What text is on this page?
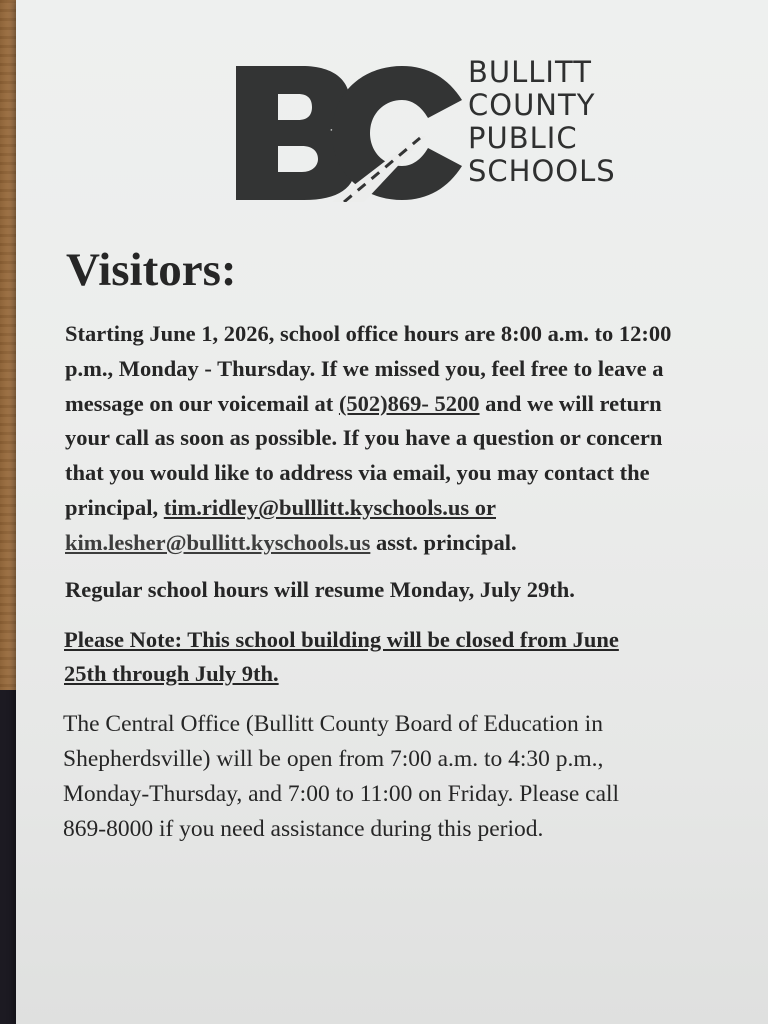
BULLITT
COUNTY
PUBLIC
SCHOOLS
Visitors:
Starting June 1, 2026, school office hours are 8:00 a.m. to 12:00
p.m., Monday - Thursday. If we missed you, feel free to leave a
message on our voicemail at (502)869- 5200 and we will return
your call as soon as possible. If you have a question or concern
that you would like to address via email, you may contact the
principal, tim.ridley@bulllitt.kyschools.us or
kim.lesher@bullitt.kyschools.us asst. principal.
Regular school hours will resume Monday, July 29th.
Please Note: This school building will be closed from June
25th through July 9th.
The Central Office (Bullitt County Board of Education in
Shepherdsville) will be open from 7:00 a.m. to 4:30 p.m.,
Monday-Thursday, and 7:00 to 11:00 on Friday. Please call
869-8000 if you need assistance during this period.
